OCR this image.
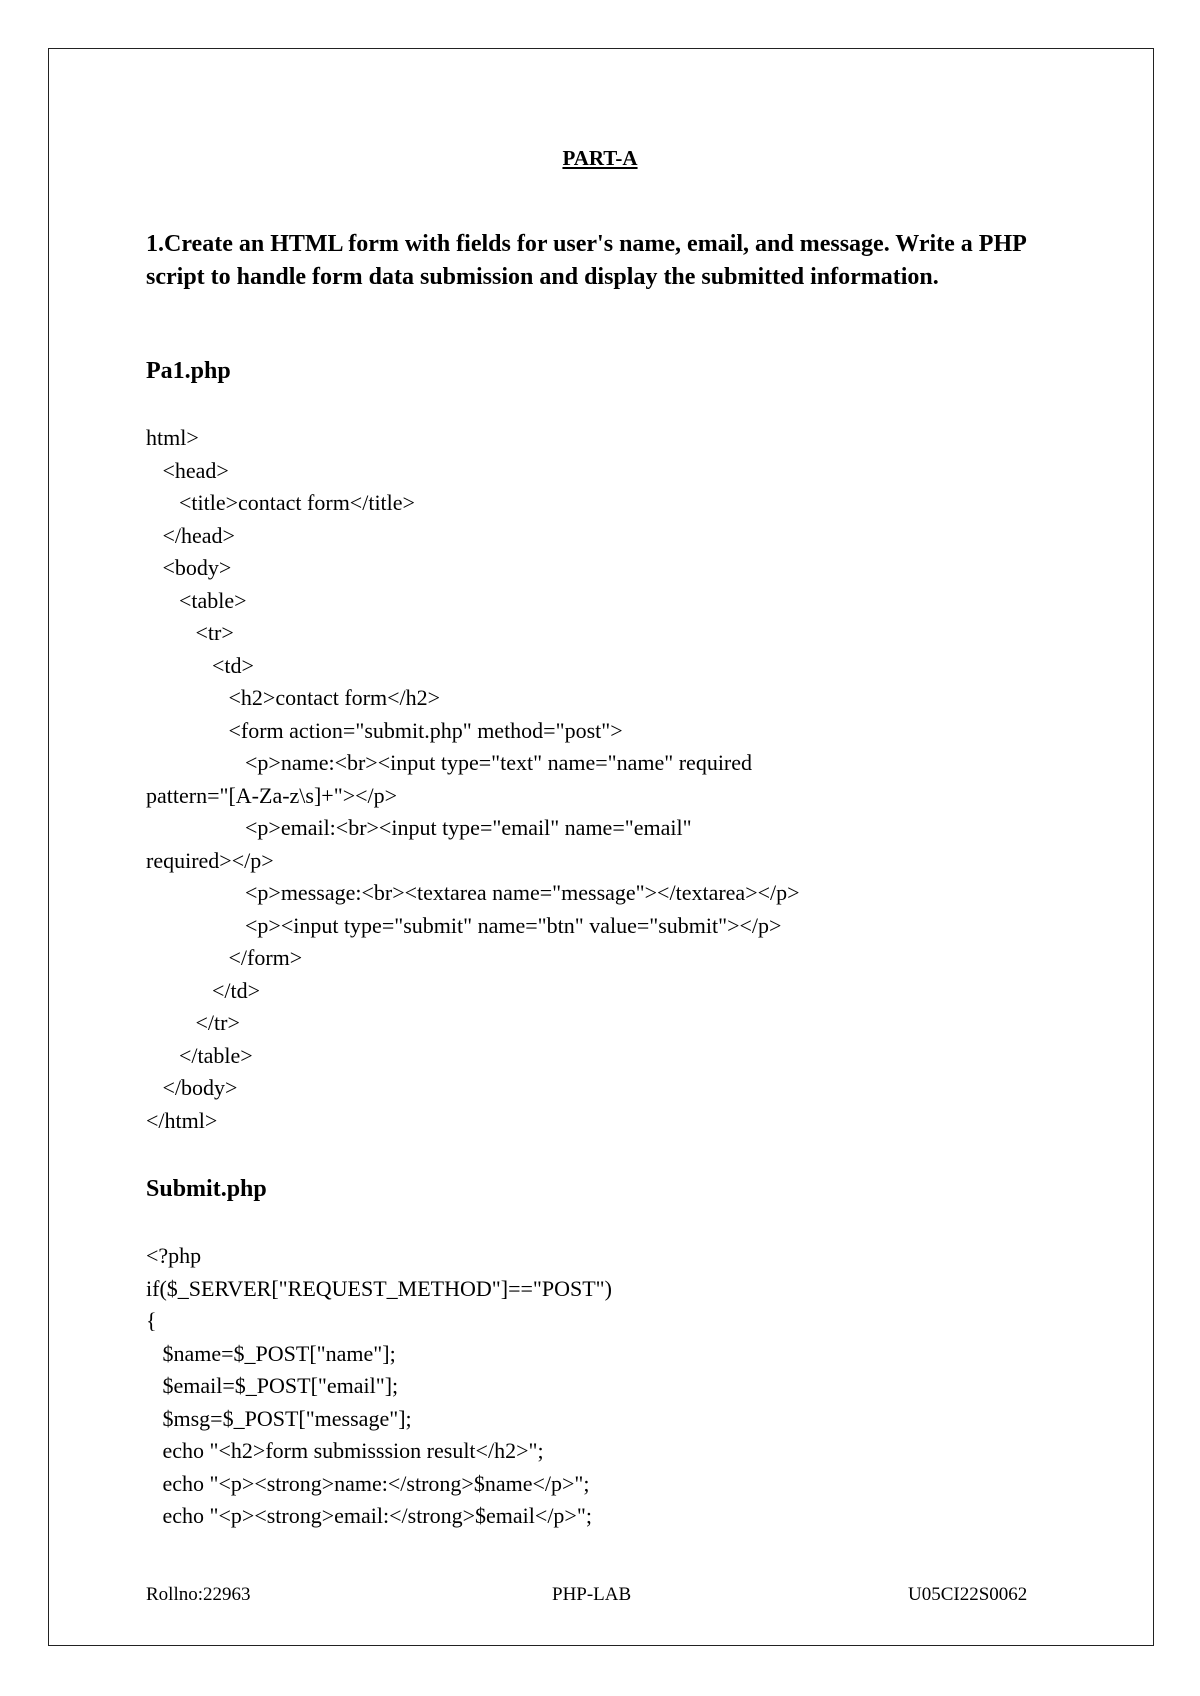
PART-A
1.Create an HTML form with fields for user's name, email, and message. Write a PHP script to handle form data submission and display the submitted information.
Pa1.php
html>
<head>
<title>contact form</title>
</head>
<body>
<table>
<tr>
<td>
<h2>contact form</h2>
<form action="submit.php" method="post">
<p>name:<br><input type="text" name="name" required
pattern="[A-Za-z\s]+"></p>
<p>email:<br><input type="email" name="email"
required></p>
<p>message:<br><textarea name="message"></textarea></p>
<p><input type="submit" name="btn" value="submit"></p>
</form>
</td>
</tr>
</table>
</body>
</html>
Submit.php
<?php
if($_SERVER["REQUEST_METHOD"]=="POST")
{
$name=$_POST["name"];
$email=$_POST["email"];
$msg=$_POST["message"];
echo "<h2>form submisssion result</h2>";
echo "<p><strong>name:</strong>$name</p>";
echo "<p><strong>email:</strong>$email</p>";
Rollno:22963	PHP-LAB	U05CI22S0062
